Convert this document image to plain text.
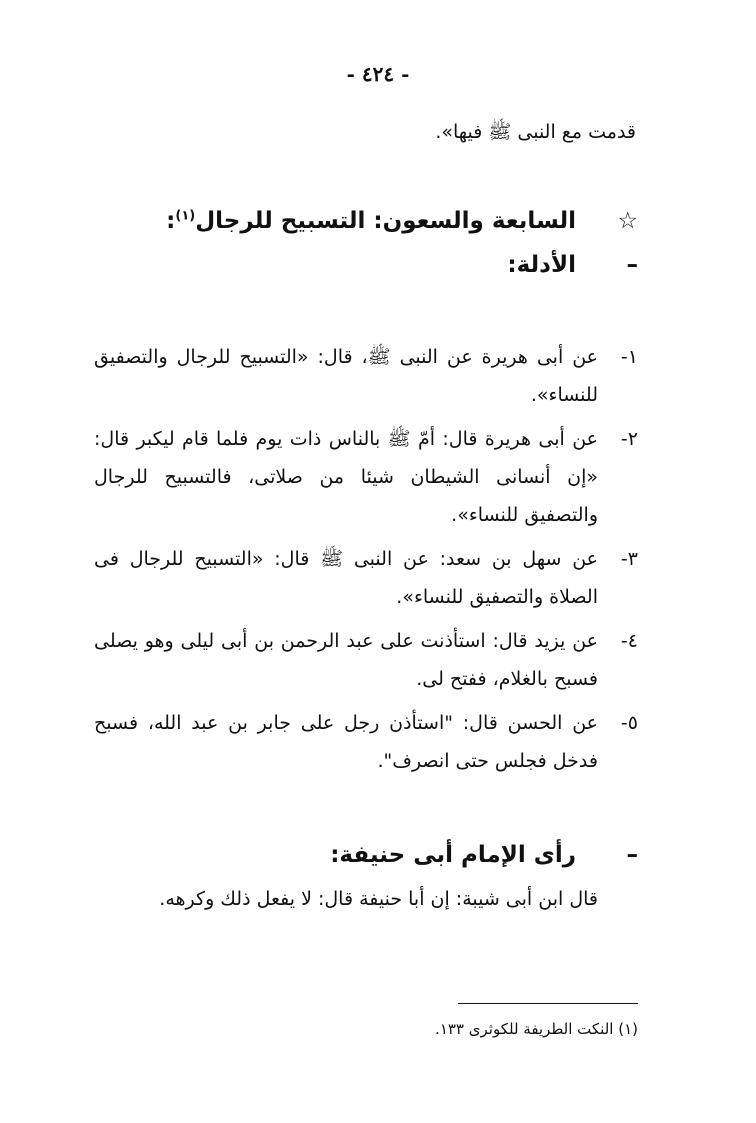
- ٤٢٤ -
قدمت مع النبى ﷺ فيها».
☆
السابعة والسعون: التسبيح للرجال$^{(١)}$:
–
الأدلة:
١-
عن أبى هريرة عن النبى ﷺ، قال: «التسبيح للرجال والتصفيق للنساء».
٢-
عن أبى هريرة قال: أمّ ﷺ بالناس ذات يوم فلما قام ليكبر قال: «إن أنسانى الشيطان شيئا من صلاتى، فالتسبيح للرجال والتصفيق للنساء».
٣-
عن سهل بن سعد: عن النبى ﷺ قال: «التسبيح للرجال فى الصلاة والتصفيق للنساء».
٤-
عن يزيد قال: استأذنت على عبد الرحمن بن أبى ليلى وهو يصلى فسبح بالغلام، ففتح لى.
٥-
عن الحسن قال: "استأذن رجل على جابر بن عبد الله، فسبح فدخل فجلس حتى انصرف".
–
رأى الإمام أبى حنيفة:
قال ابن أبى شيبة: إن أبا حنيفة قال: لا يفعل ذلك وكرهه.
(١) النكت الطريفة للكوثرى ١٣٣.
